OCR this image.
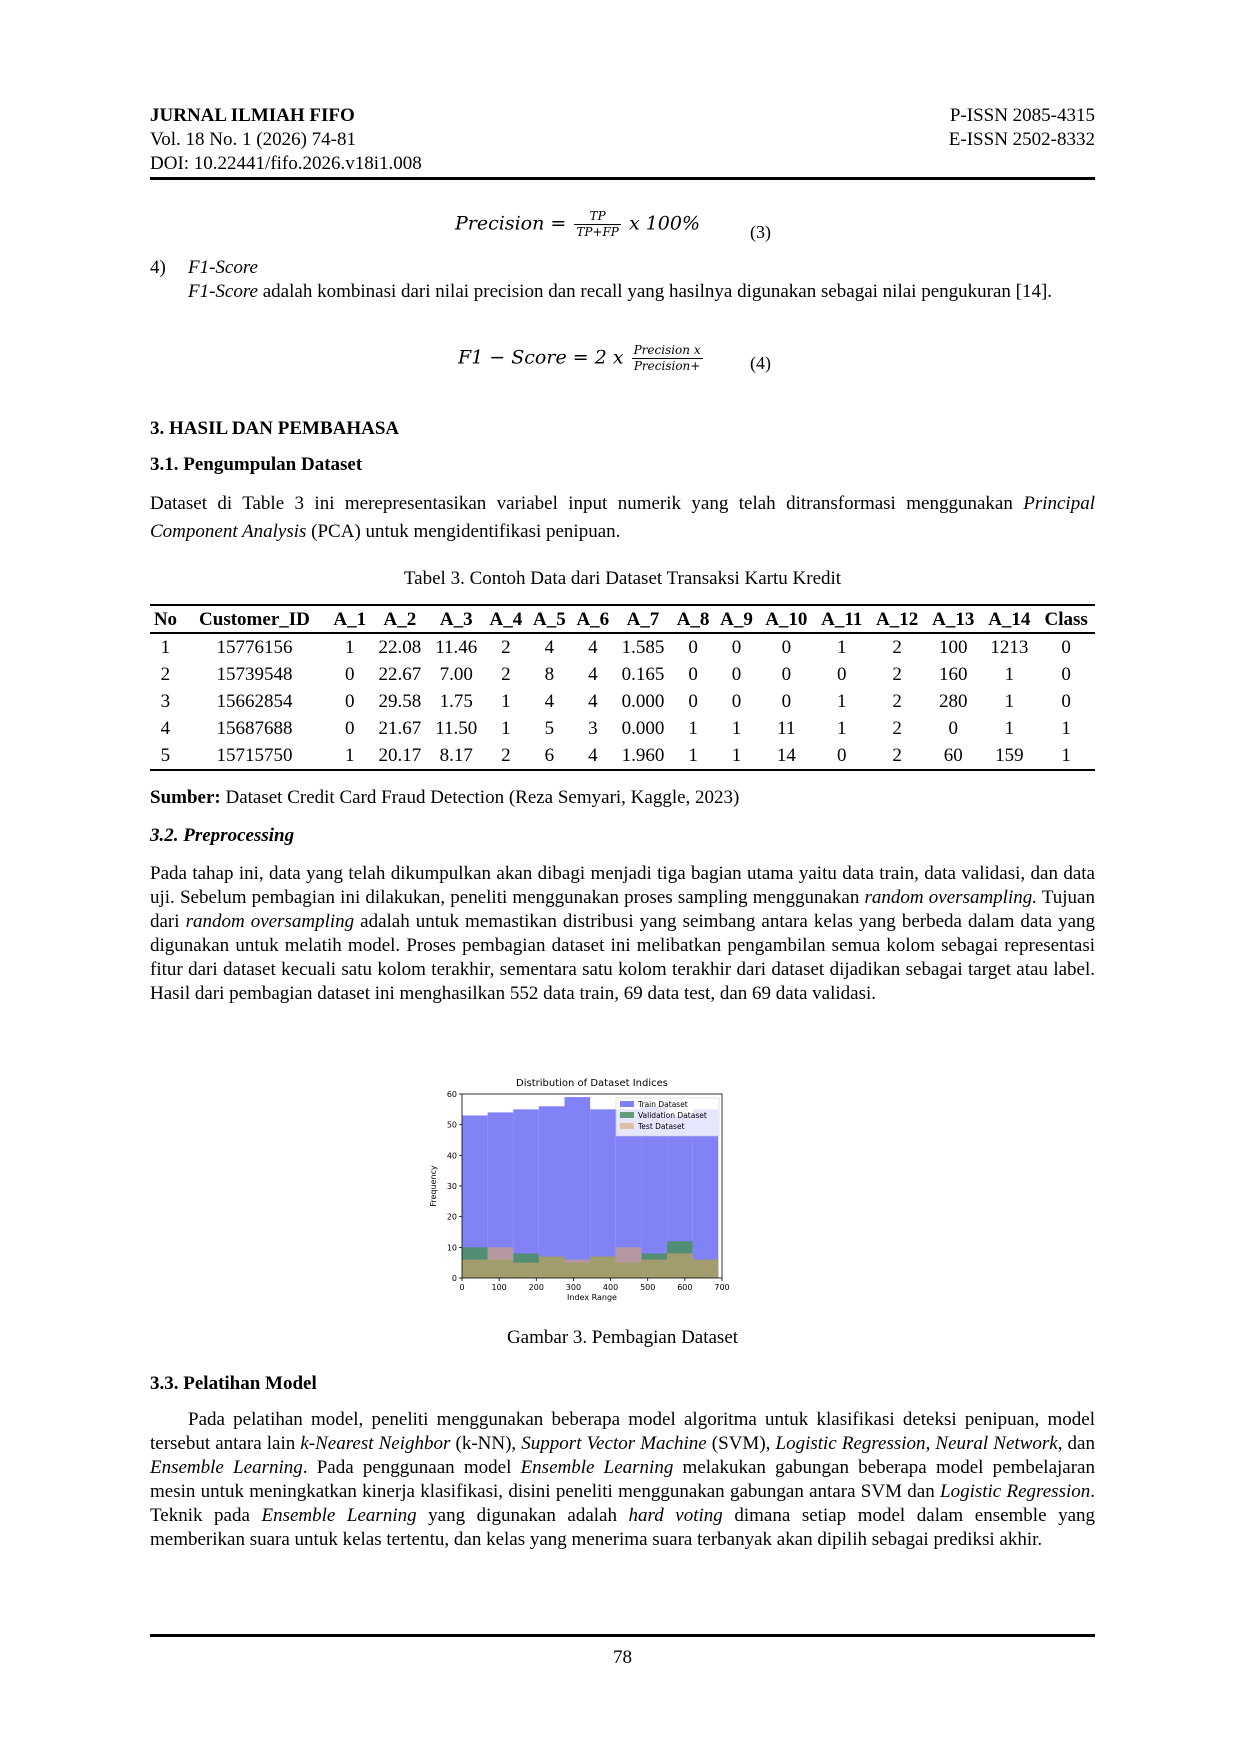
JURNAL ILMIAH FIFO
Vol. 18 No. 1 (2026) 74-81
DOI: 10.22441/fifo.2026.v18i1.008
P-ISSN 2085-4315
E-ISSN 2502-8332
Precision = $\frac{TP}{TP+FP}$ x 100%	(3)
4) F1-Score
F1-Score adalah kombinasi dari nilai precision dan recall yang hasilnya digunakan sebagai nilai pengukuran [14].
F1 − Score = 2 x $\frac{\text{Precision x}}{\text{Precision+}}$	(4)
3. HASIL DAN PEMBAHASA
3.1. Pengumpulan Dataset
Dataset di Table 3 ini merepresentasikan variabel input numerik yang telah ditransformasi menggunakan Principal Component Analysis (PCA) untuk mengidentifikasi penipuan.
Tabel 3. Contoh Data dari Dataset Transaksi Kartu Kredit
No	Customer_ID	A_1	A_2	A_3	A_4	A_5	A_6	A_7	A_8	A_9	A_10	A_11	A_12	A_13	A_14	Class
1	15776156	1	22.08	11.46	2	4	4	1.585	0	0	0	1	2	100	1213	0
2	15739548	0	22.67	7.00	2	8	4	0.165	0	0	0	0	2	160	1	0
3	15662854	0	29.58	1.75	1	4	4	0.000	0	0	0	1	2	280	1	0
4	15687688	0	21.67	11.50	1	5	3	0.000	1	1	11	1	2	0	1	1
5	15715750	1	20.17	8.17	2	6	4	1.960	1	1	14	0	2	60	159	1
Sumber: Dataset Credit Card Fraud Detection (Reza Semyari, Kaggle, 2023)
3.2. Preprocessing
Pada tahap ini, data yang telah dikumpulkan akan dibagi menjadi tiga bagian utama yaitu data train, data validasi, dan data uji. Sebelum pembagian ini dilakukan, peneliti menggunakan proses sampling menggunakan random oversampling. Tujuan dari random oversampling adalah untuk memastikan distribusi yang seimbang antara kelas yang berbeda dalam data yang digunakan untuk melatih model. Proses pembagian dataset ini melibatkan pengambilan semua kolom sebagai representasi fitur dari dataset kecuali satu kolom terakhir, sementara satu kolom terakhir dari dataset dijadikan sebagai target atau label. Hasil dari pembagian dataset ini menghasilkan 552 data train, 69 data test, dan 69 data validasi.
0
10
20
30
40
50
60
0	100	200	300	400	500	600	700
Distribution of Dataset Indices
Index Range
Frequency
Train Dataset
Validation Dataset
Test Dataset
Gambar 3. Pembagian Dataset
3.3. Pelatihan Model
Pada pelatihan model, peneliti menggunakan beberapa model algoritma untuk klasifikasi deteksi penipuan, model tersebut antara lain k-Nearest Neighbor (k-NN), Support Vector Machine (SVM), Logistic Regression, Neural Network, dan Ensemble Learning. Pada penggunaan model Ensemble Learning melakukan gabungan beberapa model pembelajaran mesin untuk meningkatkan kinerja klasifikasi, disini peneliti menggunakan gabungan antara SVM dan Logistic Regression. Teknik pada Ensemble Learning yang digunakan adalah hard voting dimana setiap model dalam ensemble yang memberikan suara untuk kelas tertentu, dan kelas yang menerima suara terbanyak akan dipilih sebagai prediksi akhir.
78
